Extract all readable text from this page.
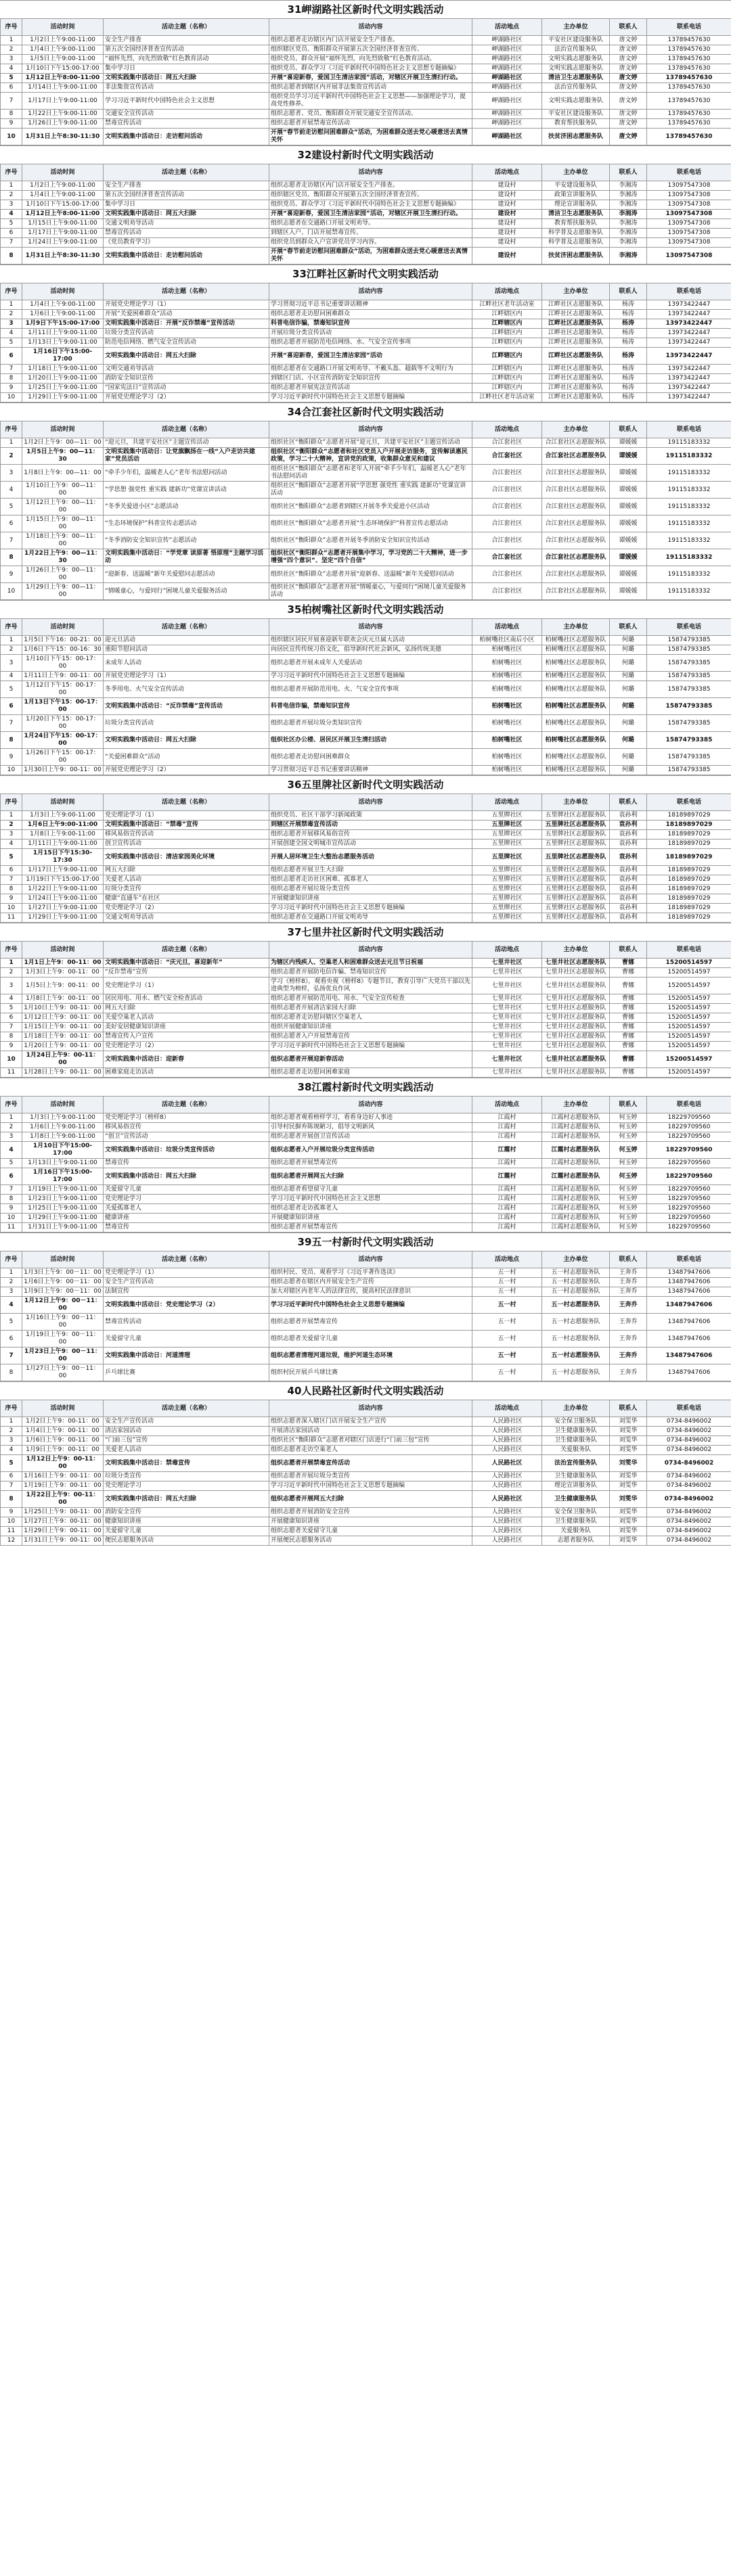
31岬湖路社区新时代文明实践活动
序号	活动时间	活动主题（名称）	活动内容	活动地点	主办单位	联系人	联系电话
1	1月2日上午9:00-11:00	安全生产排查	组织志愿者走访辖区内门店开展安全生产排查。	岬湖路社区	平安社区建设服务队	唐文婷	13789457630
2	1月4日上午9:00-11:00	第五次全国经济普查宣传活动	组织辖区党员、衡阳群众开展第五次全国经济普查宣传。	岬湖路社区	法治宣传服务队	唐文婷	13789457630
3	1月5日上午9:00-11:00	“福怀先烈，向先烈致敬”红色教育活动	组织党员、群众开展“福怀先烈，向先烈致敬”红色教育活动。	岬湖路社区	文明实践志愿服务队	唐文婷	13789457630
4	1月10日下午15:00-17:00	集中学习日	组织党员、群众学习《习近平新时代中国特色社会主义思想专题摘编》	岬湖路社区	文明实践志愿服务队	唐文婷	13789457630
5	1月12日上午8:00-11:00	文明实践集中活动日：网五大扫除	开展“喜迎新春，爱国卫生清洁家园”活动，对辖区开展卫生清扫行动。	岬湖路社区	清洁卫生志愿服务队	唐文婷	13789457630
6	1月14日上午9:00-11:00	非法集资宣传活动	组织志愿者到辖区内开展非法集资宣传活动	岬湖路社区	法治宣传服务队	唐文婷	13789457630
7	1月17日上午9:00-11:00	学习习近平新时代中国特色社会主义思想	组织党员学习习近平新时代中国特色社会主义思想——加强理论学习，提高党性修养。	岬湖路社区	文明实践志愿服务队	唐文婷	13789457630
8	1月22日上午9:00-11:00	交通安全宣传活动	组织志愿者、党员、衡阳群众开展交通安全宣传活动。	岬湖路社区	平安社区建设服务队	唐文婷	13789457630
9	1月26日上午9:00-11:00	禁毒宣传活动	组织志愿者开展禁毒宣传活动	岬湖路社区	教育帮扶服务队	唐文婷	13789457630
10	1月31日上午8:30-11:30	文明实践集中活动日：走访慰问活动	开展“春节前走访慰问困难群众”活动，为困难群众送去党心暖意送去真情关怀	岬湖路社区	扶贫济困志愿服务队	唐文婷	13789457630
32建设村新时代文明实践活动
序号	活动时间	活动主题（名称）	活动内容	活动地点	主办单位	联系人	联系电话
1	1月2日上午9:00-11:00	安全生产排查	组织志愿者走访辖区内门店开展安全生产排查。	建设村	平安建设服务队	李湘涛	13097547308
2	1月4日上午9:00-11:00	第五次全国经济普查宣传活动	组织辖区党员、衡阳群众开展第五次全国经济普查宣传。	建设村	政策宣讲服务队	李湘涛	13097547308
3	1月10日下午15:00-17:00	集中学习日	组织党员、群众学习《习近平新时代中国特色社会主义思想专题摘编》	建设村	理论宣讲服务队	李湘涛	13097547308
4	1月12日上午8:00-11:00	文明实践集中活动日：网五大扫除	开展“喜迎新春，爱国卫生清洁家园”活动，对辖区开展卫生清扫行动。	建设村	清洁卫生志愿服务队	李湘涛	13097547308
5	1月15日上午9:00-11:00	交通文明劝导活动	组织志愿者在交通路口开展文明劝导。	建设村	教育帮扶服务队	李湘涛	13097547308
6	1月17日上午9:00-11:00	禁毒宣传活动	到辖区入户、门店开展禁毒宣传。	建设村	科学普及志愿服务队	李湘涛	13097547308
7	1月24日上午9:00-11:00	《党员教育学习》	组织党员到群众入户宣讲党员学习内容。	建设村	科学普及志愿服务队	李湘涛	13097547308
8	1月31日上午8:30-11:30	文明实践集中活动日：走访慰问活动	开展“春节前走访慰问困难群众”活动，为困难群众送去党心暖意送去真情关怀	建设村	扶贫济困志愿服务队	李湘涛	13097547308
33江畔社区新时代文明实践活动
序号	活动时间	活动主题（名称）	活动内容	活动地点	主办单位	联系人	联系电话
1	1月4日上午9:00-11:00	开展党史理论学习（1）	学习贯彻习近平总书记重要讲话精神	江畔社区老年活动室	江畔社区志愿服务队	杨涛	13973422447
2	1月6日上午9:00-11:00	开展“关爱困难群众”活动	组织志愿者走访慰问困难群众	江畔辖区内	江畔社区志愿服务队	杨涛	13973422447
3	1月9日下午15:00-17:00	文明实践集中活动日：开展“反诈禁毒”宣传活动	科普电信诈骗，禁毒知识宣传	江畔辖区内	江畔社区志愿服务队	杨涛	13973422447
4	1月11日上午9:00-11:00	垃圾分类宣传活动	开展垃圾分类宣传活动	江畔辖区内	江畔社区志愿服务队	杨涛	13973422447
5	1月13日上午9:00-11:00	防范电信网络、燃气安全宣传活动	组织志愿者开展防范电信网络、水、气安全宣传事项	江畔辖区内	江畔社区志愿服务队	杨涛	13973422447
6	1月16日下午15:00-17:00	文明实践集中活动日：网五大扫除	开展“喜迎新春，爱国卫生清洁家园”活动	江畔辖区内	江畔社区志愿服务队	杨涛	13973422447
7	1月18日上午9:00-11:00	文明交通劝导活动	组织志愿者在交通路口开展文明劝导、不戴头盔、超载等不文明行为	江畔辖区内	江畔社区志愿服务队	杨涛	13973422447
8	1月20日上午9:00-11:00	消防安全知识宣传	到辖区门店、小区宣传消防安全知识宣传	江畔辖区内	江畔社区志愿服务队	杨涛	13973422447
9	1月25日上午9:00-11:00	“国家宪法日”宣传活动	组织志愿者开展宪法宣传活动	江畔辖区内	江畔社区志愿服务队	杨涛	13973422447
10	1月29日上午9:00-11:00	开展党史理论学习（2）	学习习近平新时代中国特色社会主义思想专题摘编	江畔社区老年活动室	江畔社区志愿服务队	杨涛	13973422447
34合江套社区新时代文明实践活动
序号	活动时间	活动主题（名称）	活动内容	活动地点	主办单位	联系人	联系电话
1	1月2日上午9：00—11：00	“迎元旦，共建平安社区”主题宣传活动	组织社区“衡阳群众”志愿者开展“迎元旦，共建平安社区”主题宣传活动	合江套社区	合江套社区志愿服务队	谭媛媛	19115183332
2	1月5日上午9：00—11：30	文明实践集中活动日：让党旗飘扬在一线“入户走访共建家”党员活动	组织社区“衡阳群众”志愿者和社区党员入户开展走访服务，宣传解读惠民政策，学习二十大精神，宣讲党的政策，收集群众意见和建议	合江套社区	合江套社区志愿服务队	谭媛媛	19115183332
3	1月8日上午9：00—11：00	“牵手少年们，温暖老人心”老年书法慰问活动	组织社区“衡阳群众”志愿者和老年人开展“牵手少年们，温暖老人心”老年书法慰问活动	合江套社区	合江套社区志愿服务队	谭媛媛	19115183332
4	1月10日上午9：00—11：00	“学思想 强党性 重实践 建新功”党课宣讲活动	组织社区“衡阳群众”志愿者开展“学思想 强党性 重实践 建新功”党课宣讲活动	合江套社区	合江套社区志愿服务队	谭媛媛	19115183332
5	1月12日上午9：00—11：00	“冬季关爱进小区”志愿活动	组织社区“衡阳群众”志愿者到辖区开展冬季关爱进小区活动	合江套社区	合江套社区志愿服务队	谭媛媛	19115183332
6	1月15日上午9：00—11：00	“生态环境保护”科普宣传志愿活动	组织社区“衡阳群众”志愿者开展“生态环境保护”科普宣传志愿活动	合江套社区	合江套社区志愿服务队	谭媛媛	19115183332
7	1月18日上午9：00—11：00	“冬季消防安全知识宣传”志愿活动	组织社区“衡阳群众”志愿者开展冬季消防安全知识宣传活动	合江套社区	合江套社区志愿服务队	谭媛媛	19115183332
8	1月22日上午9：00—11：30	文明实践集中活动日：“学党章 读原著 悟原理”主题学习活动	组织社区“衡阳群众”志愿者开展集中学习，学习党的二十大精神，进一步增强“四个意识”、坚定“四个自信”	合江套社区	合江套社区志愿服务队	谭媛媛	19115183332
9	1月26日上午9：00—11：00	“迎新春、送温暖”新年关爱慰问志愿活动	组织社区“衡阳群众”志愿者开展“迎新春、送温暖”新年关爱慰问活动	合江套社区	合江套社区志愿服务队	谭媛媛	19115183332
10	1月29日上午9：00—11：00	“情暖童心，与爱同行”困境儿童关爱服务活动	组织社区“衡阳群众”志愿者开展“情暖童心，与爱同行”困境儿童关爱服务活动	合江套社区	合江套社区志愿服务队	谭媛媛	19115183332
35柏树嘴社区新时代文明实践活动
序号	活动时间	活动主题（名称）	活动内容	活动地点	主办单位	联系人	联系电话
1	1月5日下午16：00-21：00	迎元旦活动	组织辖区居民开展喜迎新年联欢会庆元旦属大活动	柏树嘴社区南后小区	柏树嘴社区志愿服务队	何璐	15874793385
2	1月6日下午15：00-16：30	重阳节慰问活动	向居民宣传传统习俗文化，倡导新时代社会新风，弘扬传统美德	柏树嘴社区	柏树嘴社区志愿服务队	何璐	15874793385
3	1月10日下午15：00-17：00	未成年人活动	组织志愿者开展未成年人关爱活动	柏树嘴社区	柏树嘴社区志愿服务队	何璐	15874793385
4	1月11日上午9：00-11：00	开展党史理论学习（1）	学习习近平新时代中国特色社会主义思想专题摘编	柏树嘴社区	柏树嘴社区志愿服务队	何璐	15874793385
5	1月12日下午15：00-17：00	冬季用电、火气安全宣传活动	组织志愿者开展防范用电、火、气安全宣传事项	柏树嘴社区	柏树嘴社区志愿服务队	何璐	15874793385
6	1月13日下午15：00-17：00	文明实践集中活动日：“反诈禁毒”宣传活动	科普电信诈骗，禁毒知识宣传	柏树嘴社区	柏树嘴社区志愿服务队	何璐	15874793385
7	1月20日下午15：00-17：00	垃圾分类宣传活动	组织志愿者开展垃圾分类知识宣传	柏树嘴社区	柏树嘴社区志愿服务队	何璐	15874793385
8	1月24日下午15：00-17：00	文明实践集中活动日：网五大扫除	组织社区办公楼、居民区开展卫生清扫活动	柏树嘴社区	柏树嘴社区志愿服务队	何璐	15874793385
9	1月26日下午15：00-17：00	“关爱困难群众”活动	组织志愿者走访慰问困难群众	柏树嘴社区	柏树嘴社区志愿服务队	何璐	15874793385
10	1月30日上午9：00-11：00	开展党史理论学习（2）	学习贯彻习近平总书记重要讲话精神	柏树嘴社区	柏树嘴社区志愿服务队	何璐	15874793385
36五里牌社区新时代文明实践活动
序号	活动时间	活动主题（名称）	活动内容	活动地点	主办单位	联系人	联系电话
1	1月3日上午9:00-11:00	党史理论学习（1）	组织党员、社区干部学习新闻政策	五里牌社区	五里牌社区志愿服务队	袁孙利	18189897029
2	1月6日上午9:00-11:00	文明实践集中活动日：“禁毒”宣传	到辖区开展禁毒宣传活动	五里牌社区	五里牌社区志愿服务队	袁孙利	18189897029
3	1月8日上午9:00-11:00	移风易俗宣传活动	组织志愿者开展移风易俗宣传	五里牌社区	五里牌社区志愿服务队	袁孙利	18189897029
4	1月11日上午9:00-11:00	创卫宣传活动	开展创建全国文明城市宣传活动	五里牌社区	五里牌社区志愿服务队	袁孙利	18189897029
5	1月15日下午15:30-17:30	文明实践集中活动日：清洁家园美化环境	开展人居环境卫生大整治志愿服务活动	五里牌社区	五里牌社区志愿服务队	袁孙利	18189897029
6	1月17日上午9:00-11:00	网五大扫除	组织志愿者开展卫生大扫除	五里牌社区	五里牌社区志愿服务队	袁孙利	18189897029
7	1月19日下午15:00-17:00	关爱老人活动	组织志愿者走访社区困难、孤寡老人	五里牌社区	五里牌社区志愿服务队	袁孙利	18189897029
8	1月22日上午9:00-11:00	垃圾分类宣传	组织志愿者开展垃圾分类宣传	五里牌社区	五里牌社区志愿服务队	袁孙利	18189897029
9	1月24日上午9:00-11:00	健康“直通车”在社区	开展健康知识讲座	五里牌社区	五里牌社区志愿服务队	袁孙利	18189897029
10	1月27日上午9:00-11:00	党史理论学习（2）	学习习近平新时代中国特色社会主义思想专题摘编	五里牌社区	五里牌社区志愿服务队	袁孙利	18189897029
11	1月29日上午9:00-11:00	交通文明劝导活动	组织志愿者在交通路口开展文明劝导	五里牌社区	五里牌社区志愿服务队	袁孙利	18189897029
37七里井社区新时代文明实践活动
序号	活动时间	活动主题（名称）	活动内容	活动地点	主办单位	联系人	联系电话
1	1月1日上午9：00-11：00	文明实践集中活动日：“庆元旦，喜迎新年”	为辖区内残疾人、空巢老人和困难群众送去元旦节日祝福	七里井社区	七里井社区志愿服务队	曹娜	15200514597
2	1月3日上午9：00-11：00	“反诈禁毒”宣传	组织志愿者开展防电信诈骗、禁毒知识宣传	七里井社区	七里井社区志愿服务队	曹娜	15200514597
3	1月5日上午9：00-11：00	党史理论学习（1）	学习《榜样8》，观看央视《榜样8》专题节目，教育引导广大党员干部以先进典型为榜样，弘扬优良作风	七里井社区	七里井社区志愿服务队	曹娜	15200514597
4	1月8日上午9：00-11：00	居民用电、用水、燃气安全检查活动	组织志愿者开展防范用电、用水、气安全宣传检查	七里井社区	七里井社区志愿服务队	曹娜	15200514597
5	1月10日上午9：00-11：00	网五大扫除	组织志愿者开展清洁家园大扫除	七里井社区	七里井社区志愿服务队	曹娜	15200514597
6	1月12日上午9：00-11：00	关爱空巢老人活动	组织志愿者走访慰问辖区空巢老人	七里井社区	七里井社区志愿服务队	曹娜	15200514597
7	1月15日上午9：00-11：00	美好安居健康知识讲座	组织开展健康知识讲座	七里井社区	七里井社区志愿服务队	曹娜	15200514597
8	1月18日上午9：00-11：00	禁毒宣传入户宣传	组织志愿者入户开展禁毒宣传	七里井社区	七里井社区志愿服务队	曹娜	15200514597
9	1月20日上午9：00-11：00	党史理论学习（2）	学习习近平新时代中国特色社会主义思想专题摘编	七里井社区	七里井社区志愿服务队	曹娜	15200514597
10	1月24日上午9：00-11：00	文明实践集中活动日：迎新春	组织志愿者开展迎新春活动	七里井社区	七里井社区志愿服务队	曹娜	15200514597
11	1月28日上午9：00-11：00	困难家庭走访活动	组织志愿者走访慰问困难家庭	七里井社区	七里井社区志愿服务队	曹娜	15200514597
38江霞村新时代文明实践活动
序号	活动时间	活动主题（名称）	活动内容	活动地点	主办单位	联系人	联系电话
1	1月3日上午9:00-11:00	党史理论学习（榜样8）	组织志愿者观看榜样学习，看看身边好人事迹	江霞村	江霞村志愿服务队	何玉婷	18229709560
2	1月6日上午9:00-11:00	移风易俗宣传	引导村民摒弃陈规陋习，倡导文明新风	江霞村	江霞村志愿服务队	何玉婷	18229709560
3	1月8日上午9:00-11:00	“创卫”宣传活动	组织志愿者开展创卫宣传活动	江霞村	江霞村志愿服务队	何玉婷	18229709560
4	1月10日下午15:00-17:00	文明实践集中活动日：垃圾分类宣传活动	组织志愿者入户开展垃圾分类宣传活动	江霞村	江霞村志愿服务队	何玉婷	18229709560
5	1月13日上午9:00-11:00	禁毒宣传	组织志愿者开展禁毒宣传	江霞村	江霞村志愿服务队	何玉婷	18229709560
6	1月16日下午15:00-17:00	文明实践集中活动日：网五大扫除	组织志愿者开展网五大扫除	江霞村	江霞村志愿服务队	何玉婷	18229709560
7	1月19日上午9:00-11:00	关爱留守儿童	组织志愿者看望留守儿童	江霞村	江霞村志愿服务队	何玉婷	18229709560
8	1月23日上午9:00-11:00	党史理论学习	学习习近平新时代中国特色社会主义思想	江霞村	江霞村志愿服务队	何玉婷	18229709560
9	1月25日上午9:00-11:00	关爱孤寡老人	组织志愿者走访孤寡老人	江霞村	江霞村志愿服务队	何玉婷	18229709560
10	1月29日上午9:00-11:00	健康讲座	开展健康知识讲座	江霞村	江霞村志愿服务队	何玉婷	18229709560
11	1月31日上午9:00-11:00	禁毒宣传	组织志愿者开展禁毒宣传	江霞村	江霞村志愿服务队	何玉婷	18229709560
39五一村新时代文明实践活动
序号	活动时间	活动主题（名称）	活动内容	活动地点	主办单位	联系人	联系电话
1	1月3日上午9：00－11：00	党史理论学习（1）	组织村民、党员、观看学习《习近平著作选读》	五一村	五一村志愿服务队	王奔乔	13487947606
2	1月6日上午9：00－11：00	安全生产宣传活动	组织志愿者在辖区内开展安全生产宣传	五一村	五一村志愿服务队	王奔乔	13487947606
3	1月9日上午9：00－11：00	法制宣传	加大对辖区内老年人的法律宣传，提高村民法律意识	五一村	五一村志愿服务队	王奔乔	13487947606
4	1月12日上午9：00－11：00	文明实践集中活动日：党史理论学习（2）	学习习近平新时代中国特色社会主义思想专题摘编	五一村	五一村志愿服务队	王奔乔	13487947606
5	1月16日上午9：00－11：00	禁毒宣传活动	组织志愿者开展禁毒宣传	五一村	五一村志愿服务队	王奔乔	13487947606
6	1月19日上午9：00－11：00	关爱留守儿童	组织志愿者关爱留守儿童	五一村	五一村志愿服务队	王奔乔	13487947606
7	1月23日上午9：00－11：00	文明实践集中活动日：河道清理	组织志愿者清理河道垃圾，维护河道生态环境	五一村	五一村志愿服务队	王奔乔	13487947606
8	1月27日上午9：00－11：00	乒乓球比赛	组织村民开展乒乓球比赛	五一村	五一村志愿服务队	王奔乔	13487947606
40人民路社区新时代文明实践活动
序号	活动时间	活动主题（名称）	活动内容	活动地点	主办单位	联系人	联系电话
1	1月2日上午9：00-11：00	安全生产宣传活动	组织志愿者深入辖区门店开展安全生产宣传	人民路社区	安全保卫服务队	刘雯华	0734-8496002
2	1月4日上午9：00-11：00	清洁家园活动	开展清洁家园活动	人民路社区	卫生健康服务队	刘雯华	0734-8496002
3	1月6日上午9：00-11：00	“门前三包”宣传	组织社区“衡阳群众”志愿者对辖区门店进行“门前三包”宣传	人民路社区	卫生健康服务队	刘雯华	0734-8496002
4	1月9日上午9：00-11：00	关爱老人活动	组织志愿者走访空巢老人	人民路社区	关爱服务队	刘雯华	0734-8496002
5	1月12日上午9：00-11：00	文明实践集中活动日：禁毒宣传	组织志愿者开展禁毒宣传活动	人民路社区	法治宣传服务队	刘雯华	0734-8496002
6	1月16日上午9：00-11：00	垃圾分类宣传	组织志愿者开展垃圾分类宣传	人民路社区	卫生健康服务队	刘雯华	0734-8496002
7	1月19日上午9：00-11：00	党史理论学习	学习习近平新时代中国特色社会主义思想专题摘编	人民路社区	理论宣讲服务队	刘雯华	0734-8496002
8	1月22日上午9：00-11：00	文明实践集中活动日：网五大扫除	组织志愿者开展网五大扫除	人民路社区	卫生健康服务队	刘雯华	0734-8496002
9	1月25日上午9：00-11：00	消防安全宣传	组织志愿者开展消防安全宣传	人民路社区	安全保卫服务队	刘雯华	0734-8496002
10	1月27日上午9：00-11：00	健康知识讲座	开展健康知识讲座	人民路社区	卫生健康服务队	刘雯华	0734-8496002
11	1月29日上午9：00-11：00	关爱留守儿童	组织志愿者关爱留守儿童	人民路社区	关爱服务队	刘雯华	0734-8496002
12	1月31日上午9：00-11：00	便民志愿服务活动	开展便民志愿服务活动	人民路社区	志愿者服务队	刘雯华	0734-8496002
